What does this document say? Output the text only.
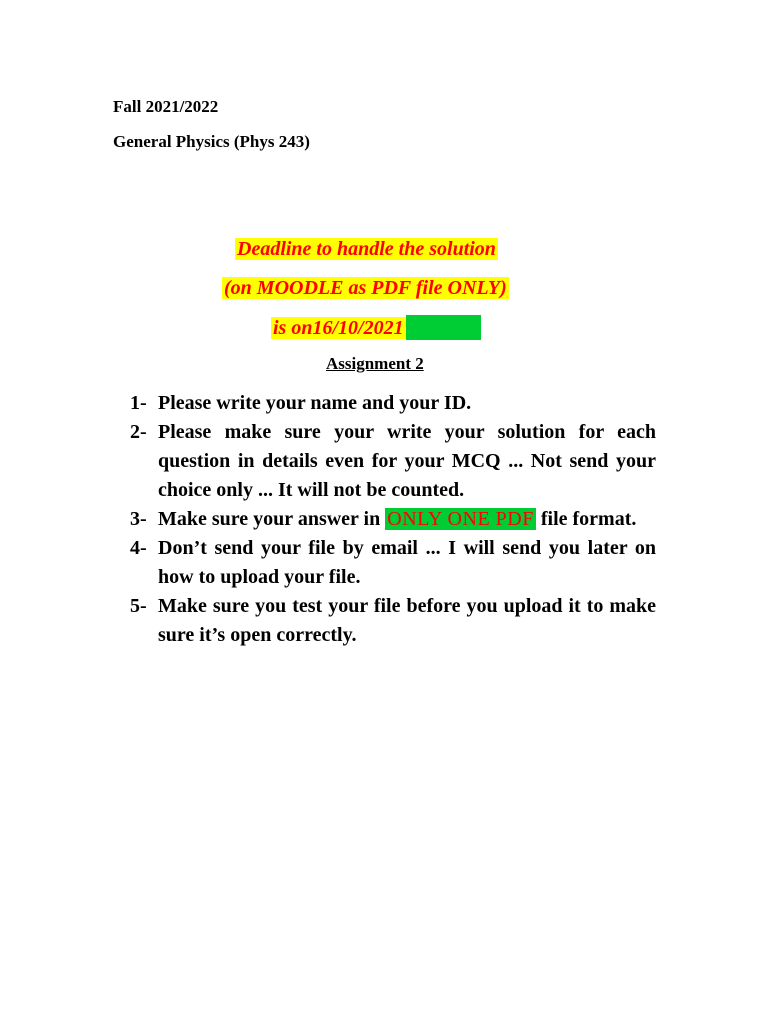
Fall 2021/2022
General Physics (Phys 243)
Deadline to handle the solution
(on MOODLE as PDF file ONLY)
is on16/10/2021
Assignment 2
1- Please write your name and your ID.
2- Please make sure your write your solution for each question in details even for your MCQ ... Not send your choice only ... It will not be counted.
3- Make sure your answer in ONLY ONE PDF file format.
4- Don’t send your file by email ... I will send you later on how to upload your file.
5- Make sure you test your file before you upload it to make sure it’s open correctly.
